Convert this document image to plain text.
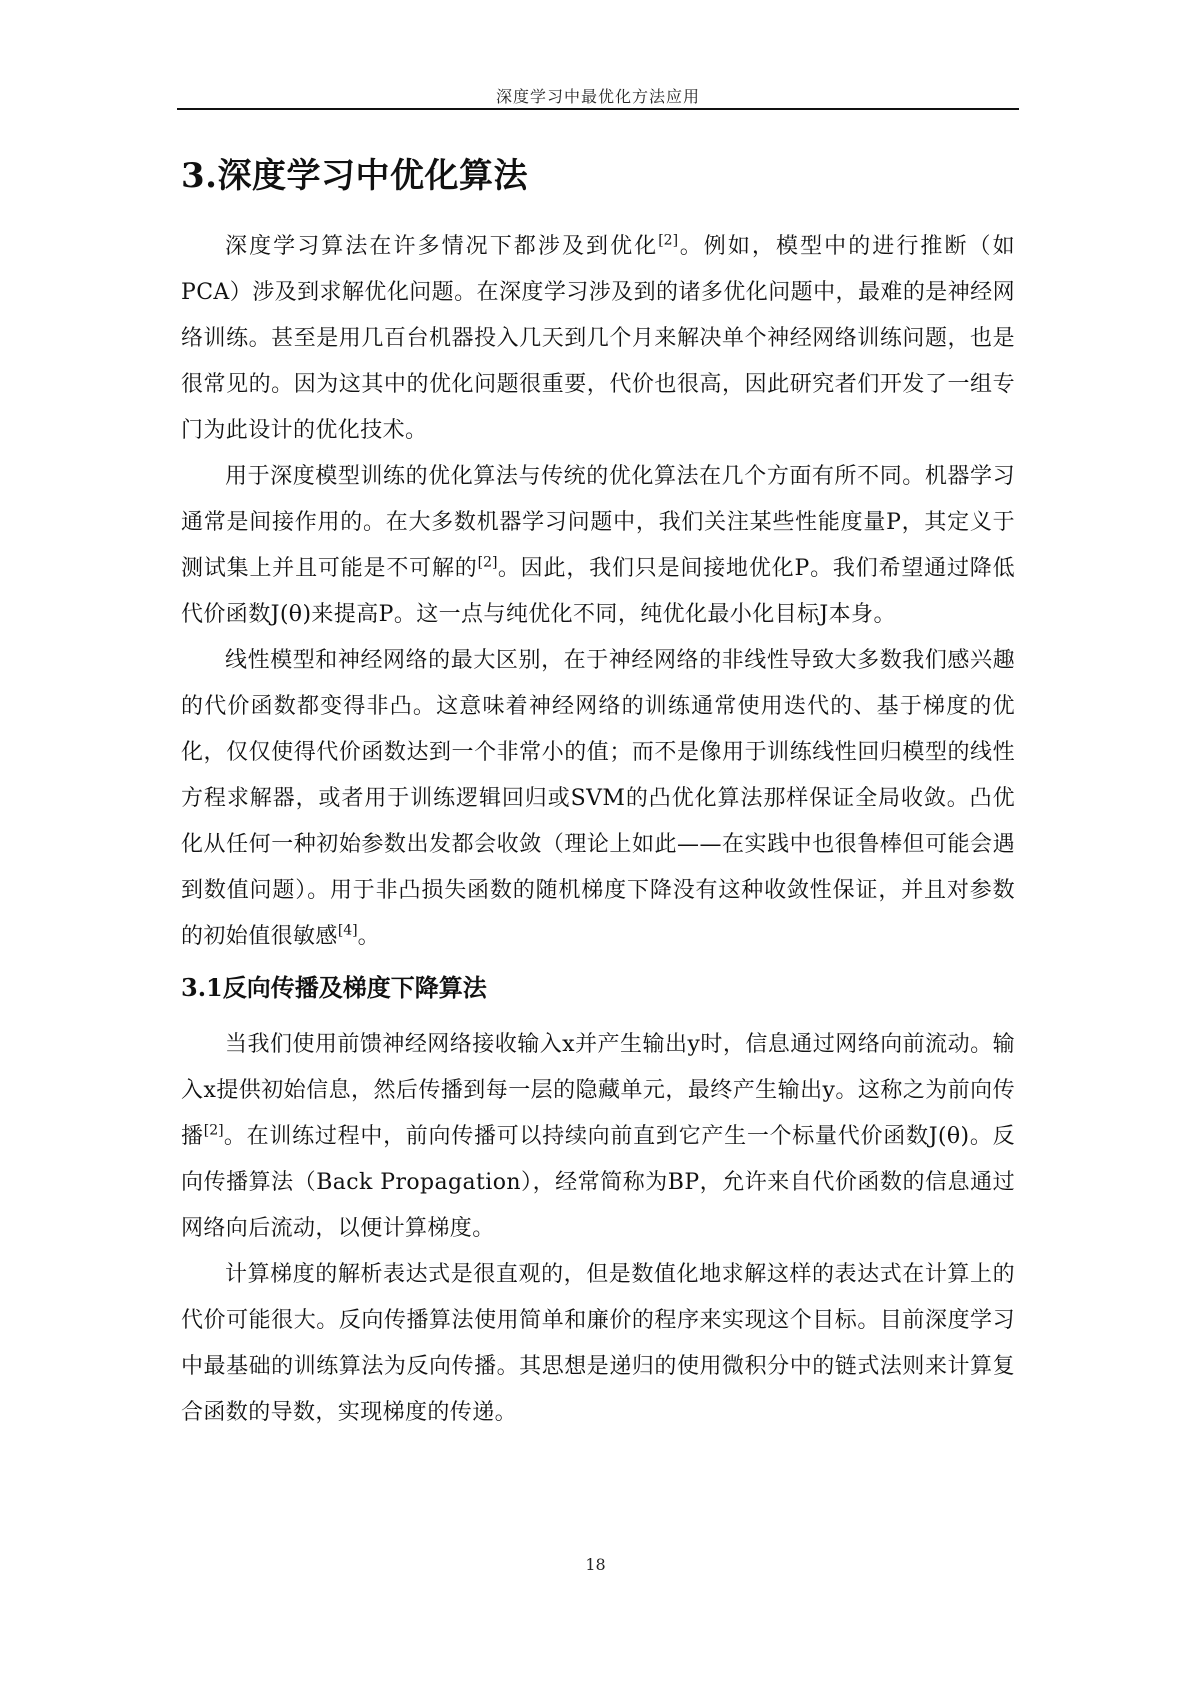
深度学习中最优化方法应用
3.深度学习中优化算法

深度学习算法在许多情况下都涉及到优化[2]。例如，模型中的进行推断（如PCA）涉及到求解优化问题。在深度学习涉及到的诸多优化问题中，最难的是神经网络训练。甚至是用几百台机器投入几天到几个月来解决单个神经网络训练问题，也是很常见的。因为这其中的优化问题很重要，代价也很高，因此研究者们开发了一组专门为此设计的优化技术。

用于深度模型训练的优化算法与传统的优化算法在几个方面有所不同。机器学习通常是间接作用的。在大多数机器学习问题中，我们关注某些性能度量P，其定义于测试集上并且可能是不可解的[2]。因此，我们只是间接地优化P。我们希望通过降低代价函数J(θ)来提高P。这一点与纯优化不同，纯优化最小化目标J本身。

线性模型和神经网络的最大区别，在于神经网络的非线性导致大多数我们感兴趣的代价函数都变得非凸。这意味着神经网络的训练通常使用迭代的、基于梯度的优化，仅仅使得代价函数达到一个非常小的值；而不是像用于训练线性回归模型的线性方程求解器，或者用于训练逻辑回归或SVM的凸优化算法那样保证全局收敛。凸优化从任何一种初始参数出发都会收敛（理论上如此——在实践中也很鲁棒但可能会遇到数值问题）。用于非凸损失函数的随机梯度下降没有这种收敛性保证，并且对参数的初始值很敏感[4]。

3.1反向传播及梯度下降算法

当我们使用前馈神经网络接收输入x并产生输出y时，信息通过网络向前流动。输入x提供初始信息，然后传播到每一层的隐藏单元，最终产生输出y。这称之为前向传播[2]。在训练过程中，前向传播可以持续向前直到它产生一个标量代价函数J(θ)。反向传播算法（Back Propagation），经常简称为BP，允许来自代价函数的信息通过网络向后流动，以便计算梯度。

计算梯度的解析表达式是很直观的，但是数值化地求解这样的表达式在计算上的代价可能很大。反向传播算法使用简单和廉价的程序来实现这个目标。目前深度学习中最基础的训练算法为反向传播。其思想是递归的使用微积分中的链式法则来计算复合函数的导数，实现梯度的传递。

18
